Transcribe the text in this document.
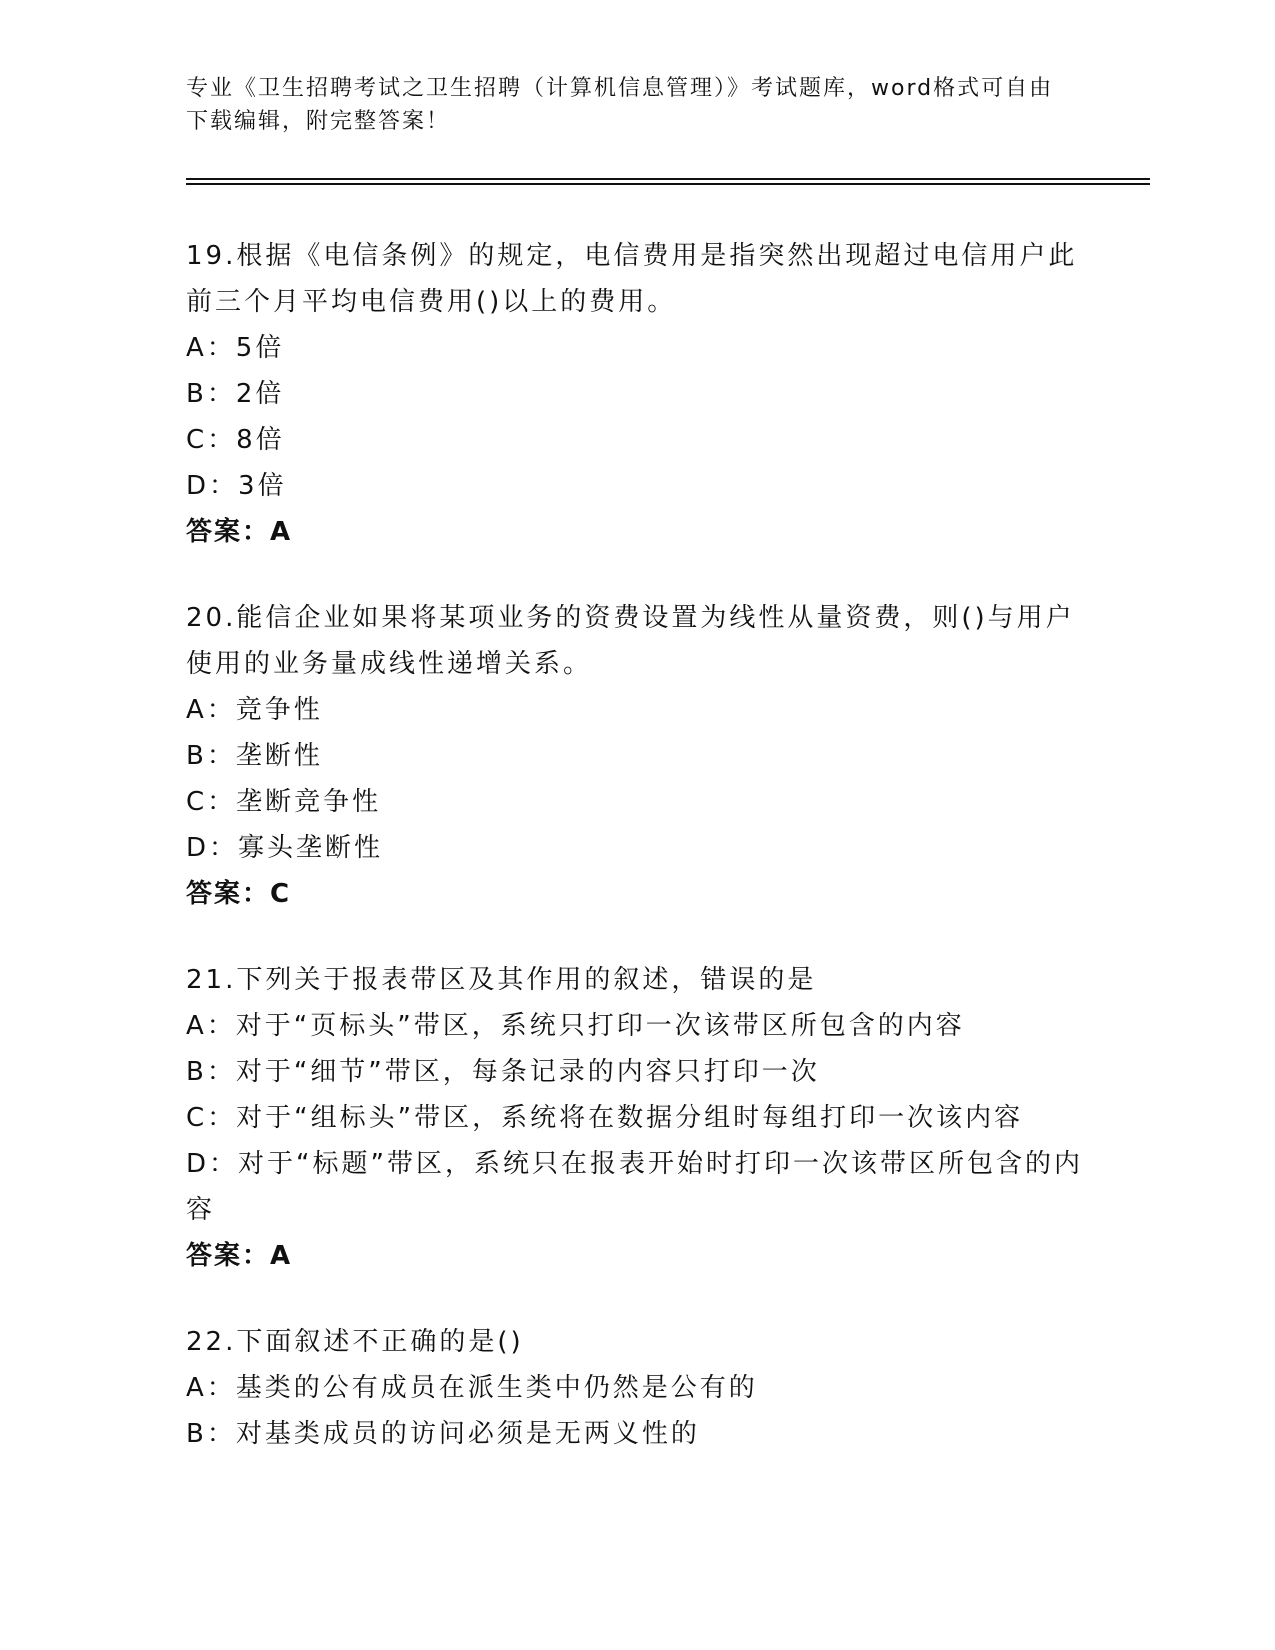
专业《卫生招聘考试之卫生招聘（计算机信息管理）》考试题库，word格式可自由下载编辑，附完整答案！
19.根据《电信条例》的规定，电信费用是指突然出现超过电信用户此前三个月平均电信费用()以上的费用。
A：5倍
B：2倍
C：8倍
D：3倍
答案：A
20.能信企业如果将某项业务的资费设置为线性从量资费，则()与用户使用的业务量成线性递增关系。
A：竞争性
B：垄断性
C：垄断竞争性
D：寡头垄断性
答案：C
21.下列关于报表带区及其作用的叙述，错误的是
A：对于“页标头”带区，系统只打印一次该带区所包含的内容
B：对于“细节”带区，每条记录的内容只打印一次
C：对于“组标头”带区，系统将在数据分组时每组打印一次该内容
D：对于“标题”带区，系统只在报表开始时打印一次该带区所包含的内容
答案：A
22.下面叙述不正确的是()
A：基类的公有成员在派生类中仍然是公有的
B：对基类成员的访问必须是无两义性的
